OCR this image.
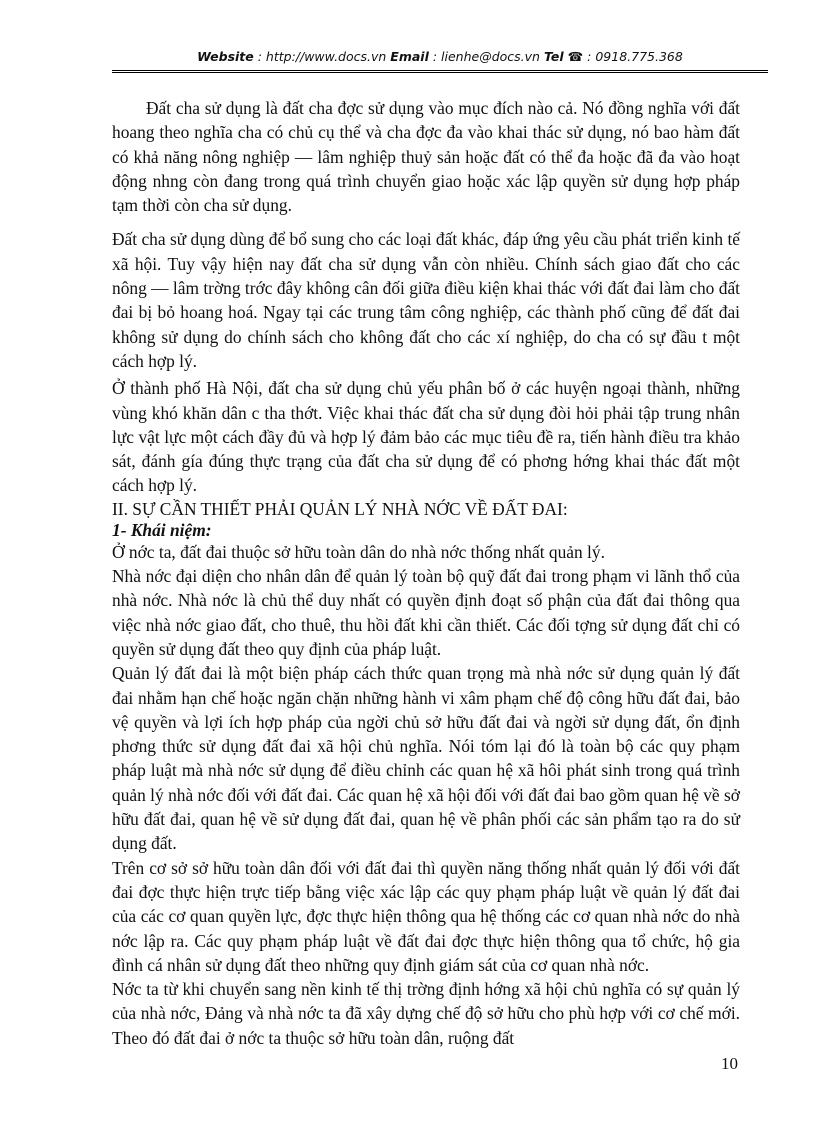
Website : http://www.docs.vn Email : lienhe@docs.vn Tel ☎ : 0918.775.368

Đất cha sử dụng là đất cha đợc sử dụng vào mục đích nào cả. Nó đồng nghĩa với đất hoang theo nghĩa cha có chủ cụ thể và cha đợc đa vào khai thác sử dụng, nó bao hàm đất có khả năng nông nghiệp — lâm nghiệp thuỷ sản hoặc đất có thể đa hoặc đã đa vào hoạt động nhng còn đang trong quá trình chuyển giao hoặc xác lập quyền sử dụng hợp pháp tạm thời còn cha sử dụng.

Đất cha sử dụng dùng để bổ sung cho các loại đất khác, đáp ứng yêu cầu phát triển kinh tế xã hội. Tuy vậy hiện nay đất cha sử dụng vẫn còn nhiều. Chính sách giao đất cho các nông — lâm trờng trớc đây không cân đối giữa điều kiện khai thác với đất đai làm cho đất đai bị bỏ hoang hoá. Ngay tại các trung tâm công nghiệp, các thành phố cũng để đất đai không sử dụng do chính sách cho không đất cho các xí nghiệp, do cha có sự đầu t một cách hợp lý.

Ở thành phố Hà Nội, đất cha sử dụng chủ yếu phân bố ở các huyện ngoại thành, những vùng khó khăn dân c tha thớt. Việc khai thác đất cha sử dụng đòi hỏi phải tập trung nhân lực vật lực một cách đầy đủ và hợp lý đảm bảo các mục tiêu đề ra, tiến hành điều tra khảo sát, đánh gía đúng thực trạng của đất cha sử dụng để có phơng hớng khai thác đất một cách hợp lý.

II. SỰ CẦN THIẾT PHẢI QUẢN LÝ NHÀ NỚC VỀ ĐẤT ĐAI:

1- Khái niệm:

Ở nớc ta, đất đai thuộc sở hữu toàn dân do nhà nớc thống nhất quản lý.

Nhà nớc đại diện cho nhân dân để quản lý toàn bộ quỹ đất đai trong phạm vi lãnh thổ của nhà nớc. Nhà nớc là chủ thể duy nhất có quyền định đoạt số phận của đất đai thông qua việc nhà nớc giao đất, cho thuê, thu hồi đất khi cần thiết. Các đối tợng sử dụng đất chỉ có quyền sử dụng đất theo quy định của pháp luật.

Quản lý đất đai là một biện pháp cách thức quan trọng mà nhà nớc sử dụng quản lý đất đai nhằm hạn chế hoặc ngăn chặn những hành vi xâm phạm chế độ công hữu đất đai, bảo vệ quyền và lợi ích hợp pháp của ngời chủ sở hữu đất đai và ngời sử dụng đất, ổn định phơng thức sử dụng đất đai xã hội chủ nghĩa. Nói tóm lại đó là toàn bộ các quy phạm pháp luật mà nhà nớc sử dụng để điều chỉnh các quan hệ xã hôi phát sinh trong quá trình quản lý nhà nớc đối với đất đai. Các quan hệ xã hội đối với đất đai bao gồm quan hệ về sở hữu đất đai, quan hệ về sử dụng đất đai, quan hệ về phân phối các sản phẩm tạo ra do sử dụng đất.

Trên cơ sở sở hữu toàn dân đối với đất đai thì quyền năng thống nhất quản lý đối với đất đai đợc thực hiện trực tiếp bằng việc xác lập các quy phạm pháp luật về quản lý đất đai của các cơ quan quyền lực, đợc thực hiện thông qua hệ thống các cơ quan nhà nớc do nhà nớc lập ra. Các quy phạm pháp luật về đất đai đợc thực hiện thông qua tổ chức, hộ gia đình cá nhân sử dụng đất theo những quy định giám sát của cơ quan nhà nớc.

Nớc ta từ khi chuyển sang nền kinh tế thị trờng định hớng xã hội chủ nghĩa có sự quản lý của nhà nớc, Đảng và nhà nớc ta đã xây dựng chế độ sở hữu cho phù hợp với cơ chế mới. Theo đó đất đai ở nớc ta thuộc sở hữu toàn dân, ruộng đất

10
